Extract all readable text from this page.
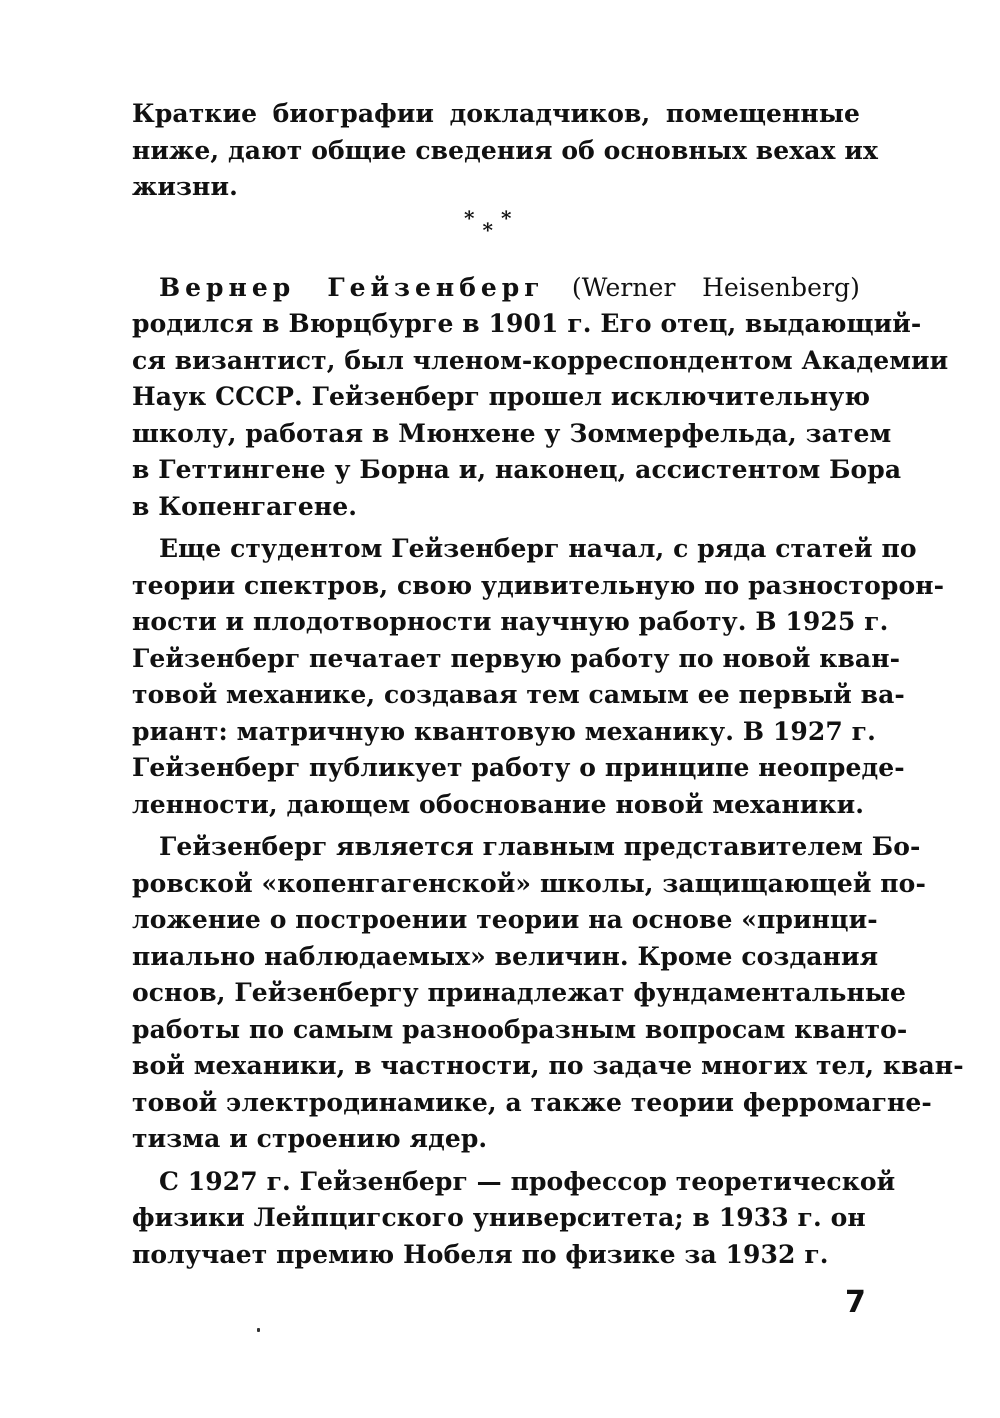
Краткие биографии докладчиков, помещенные
ниже, дают общие сведения об основных вехах их
жизни.
***
Вернер Гейзенберг (Werner Heisenberg)
родился в Вюрцбурге в 1901 г. Его отец, выдающий-
ся византист, был членом-корреспондентом Академии
Наук СССР. Гейзенберг прошел исключительную
школу, работая в Мюнхене у Зоммерфельда, затем
в Геттингене у Борна и, наконец, ассистентом Бора
в Копенгагене.
Еще студентом Гейзенберг начал, с ряда статей по
теории спектров, свою удивительную по разносторон-
ности и плодотворности научную работу. В 1925 г.
Гейзенберг печатает первую работу по новой кван-
товой механике, создавая тем самым ее первый ва-
риант: матричную квантовую механику. В 1927 г.
Гейзенберг публикует работу о принципе неопреде-
ленности, дающем обоснование новой механики.
Гейзенберг является главным представителем Бо-
ровской «копенгагенской» школы, защищающей по-
ложение о построении теории на основе «принци-
пиально наблюдаемых» величин. Кроме создания
основ, Гейзенбергу принадлежат фундаментальные
работы по самым разнообразным вопросам кванто-
вой механики, в частности, по задаче многих тел, кван-
товой электродинамике, а также теории ферромагне-
тизма и строению ядер.
С 1927 г. Гейзенберг — профессор теоретической
физики Лейпцигского университета; в 1933 г. он
получает премию Нобеля по физике за 1932 г.
7
